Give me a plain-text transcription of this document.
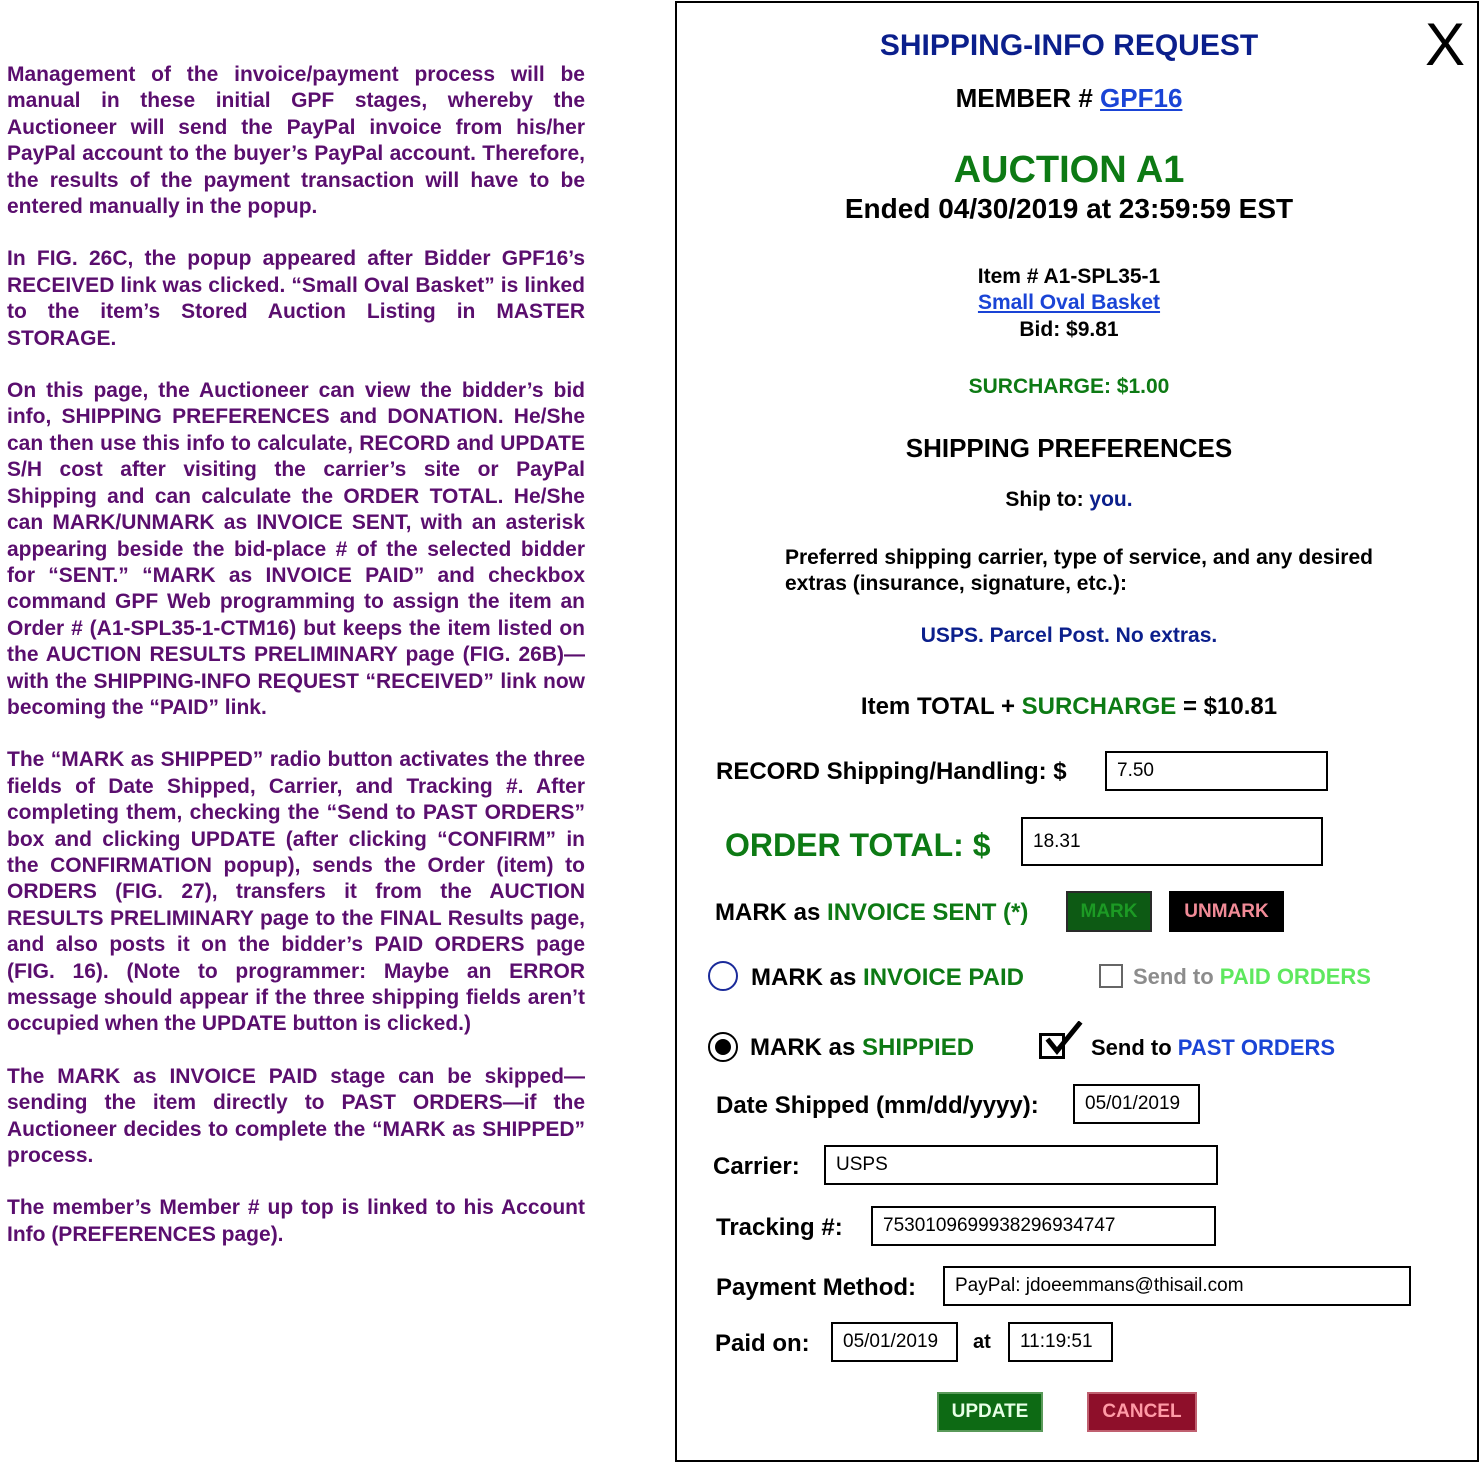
Management of the invoice/payment process will be manual in these initial GPF stages, whereby the Auctioneer will send the PayPal invoice from his/her PayPal account to the buyer’s PayPal account. Therefore, the results of the payment transaction will have to be entered manually in the popup.

In FIG. 26C, the popup appeared after Bidder GPF16’s RECEIVED link was clicked. “Small Oval Basket” is linked to the item’s Stored Auction Listing in MASTER STORAGE.

On this page, the Auctioneer can view the bidder’s bid info, SHIPPING PREFERENCES and DONATION. He/She can then use this info to calculate, RECORD and UPDATE S/H cost after visiting the carrier’s site or PayPal Shipping and can calculate the ORDER TOTAL. He/She can MARK/UNMARK as INVOICE SENT, with an asterisk appearing beside the bid-place # of the selected bidder for “SENT.” “MARK as INVOICE PAID” and checkbox command GPF Web programming to assign the item an Order # (A1-SPL35-1-CTM16) but keeps the item listed on the AUCTION RESULTS PRELIMINARY page (FIG. 26B)—with the SHIPPING-INFO REQUEST “RECEIVED” link now becoming the “PAID” link.

The “MARK as SHIPPED” radio button activates the three fields of Date Shipped, Carrier, and Tracking #. After completing them, checking the “Send to PAST ORDERS” box and clicking UPDATE (after clicking “CONFIRM” in the CONFIRMATION popup), sends the Order (item) to ORDERS (FIG. 27), transfers it from the AUCTION RESULTS PRELIMINARY page to the FINAL Results page, and also posts it on the bidder’s PAID ORDERS page (FIG. 16). (Note to programmer: Maybe an ERROR message should appear if the three shipping fields aren’t occupied when the UPDATE button is clicked.)

The MARK as INVOICE PAID stage can be skipped—sending the item directly to PAST ORDERS—if the Auctioneer decides to complete the “MARK as SHIPPED” process.

The member’s Member # up top is linked to his Account Info (PREFERENCES page).

X
SHIPPING-INFO REQUEST
MEMBER # GPF16
AUCTION A1
Ended 04/30/2019 at 23:59:59 EST
Item # A1-SPL35-1
Small Oval Basket
Bid: $9.81
SURCHARGE: $1.00
SHIPPING PREFERENCES
Ship to: you.
Preferred shipping carrier, type of service, and any desired extras (insurance, signature, etc.):
USPS. Parcel Post. No extras.
Item TOTAL + SURCHARGE = $10.81
RECORD Shipping/Handling: $
7.50
ORDER TOTAL: $
18.31
MARK as INVOICE SENT (*)	MARK	UNMARK
MARK as INVOICE PAID	Send to PAID ORDERS
MARK as SHIPPIED	Send to PAST ORDERS
Date Shipped (mm/dd/yyyy):
05/01/2019
Carrier:
USPS
Tracking #:
75301096999382969347​47
Payment Method:
PayPal: jdoeemmans@thisail.com
Paid on:
05/01/2019	at
11:19:51
UPDATE	CANCEL
